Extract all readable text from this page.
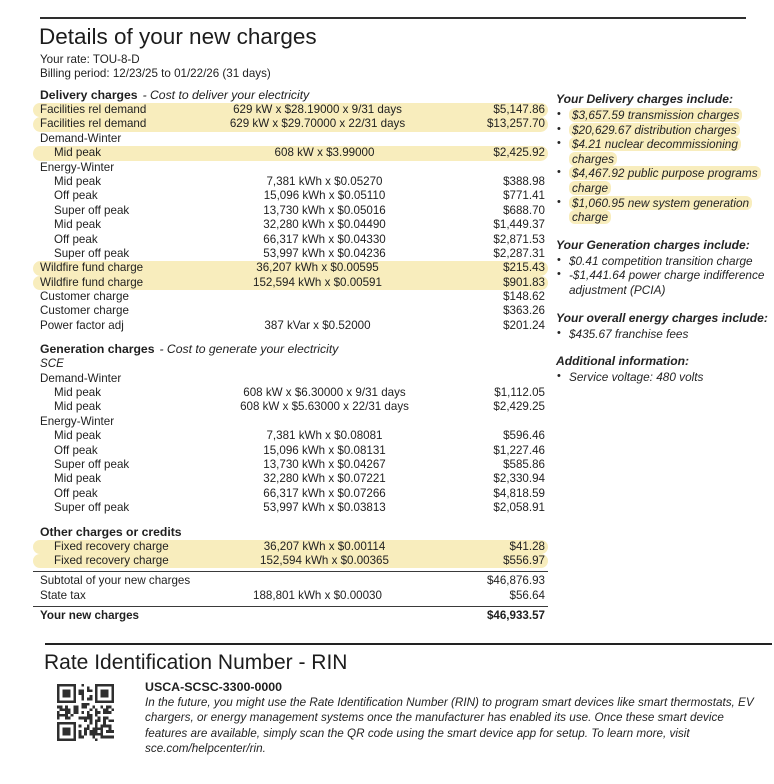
Details of your new charges
Your rate: TOU-8-D
Billing period: 12/23/25 to 01/22/26 (31 days)
Delivery charges - Cost to deliver your electricity
Facilities rel demand	629 kW x $28.19000 x 9/31 days	$5,147.86
Facilities rel demand	629 kW x $29.70000 x 22/31 days	$13,257.70
Demand-Winter
Mid peak	608 kW x $3.99000	$2,425.92
Energy-Winter
Mid peak	7,381 kWh x $0.05270	$388.98
Off peak	15,096 kWh x $0.05110	$771.41
Super off peak	13,730 kWh x $0.05016	$688.70
Mid peak	32,280 kWh x $0.04490	$1,449.37
Off peak	66,317 kWh x $0.04330	$2,871.53
Super off peak	53,997 kWh x $0.04236	$2,287.31
Wildfire fund charge	36,207 kWh x $0.00595	$215.43
Wildfire fund charge	152,594 kWh x $0.00591	$901.83
Customer charge	$148.62
Customer charge	$363.26
Power factor adj	387 kVar x $0.52000	$201.24
Generation charges - Cost to generate your electricity
SCE
Demand-Winter
Mid peak	608 kW x $6.30000 x 9/31 days	$1,112.05
Mid peak	608 kW x $5.63000 x 22/31 days	$2,429.25
Energy-Winter
Mid peak	7,381 kWh x $0.08081	$596.46
Off peak	15,096 kWh x $0.08131	$1,227.46
Super off peak	13,730 kWh x $0.04267	$585.86
Mid peak	32,280 kWh x $0.07221	$2,330.94
Off peak	66,317 kWh x $0.07266	$4,818.59
Super off peak	53,997 kWh x $0.03813	$2,058.91
Other charges or credits
Fixed recovery charge	36,207 kWh x $0.00114	$41.28
Fixed recovery charge	152,594 kWh x $0.00365	$556.97
Subtotal of your new charges	$46,876.93
State tax	188,801 kWh x $0.00030	$56.64
Your new charges	$46,933.57
Your Delivery charges include:
• $3,657.59 transmission charges
• $20,629.67 distribution charges
• $4.21 nuclear decommissioning charges
• $4,467.92 public purpose programs charge
• $1,060.95 new system generation charge
Your Generation charges include:
• $0.41 competition transition charge
• -$1,441.64 power charge indifference adjustment (PCIA)
Your overall energy charges include:
• $435.67 franchise fees
Additional information:
• Service voltage: 480 volts
Rate Identification Number - RIN
USCA-SCSC-3300-0000

In the future, you might use the Rate Identification Number (RIN) to program smart devices like smart thermostats, EV chargers, or energy management systems once the manufacturer has enabled its use. Once these smart device features are available, simply scan the QR code using the smart device app for setup. To learn more, visit sce.com/helpcenter/rin.
